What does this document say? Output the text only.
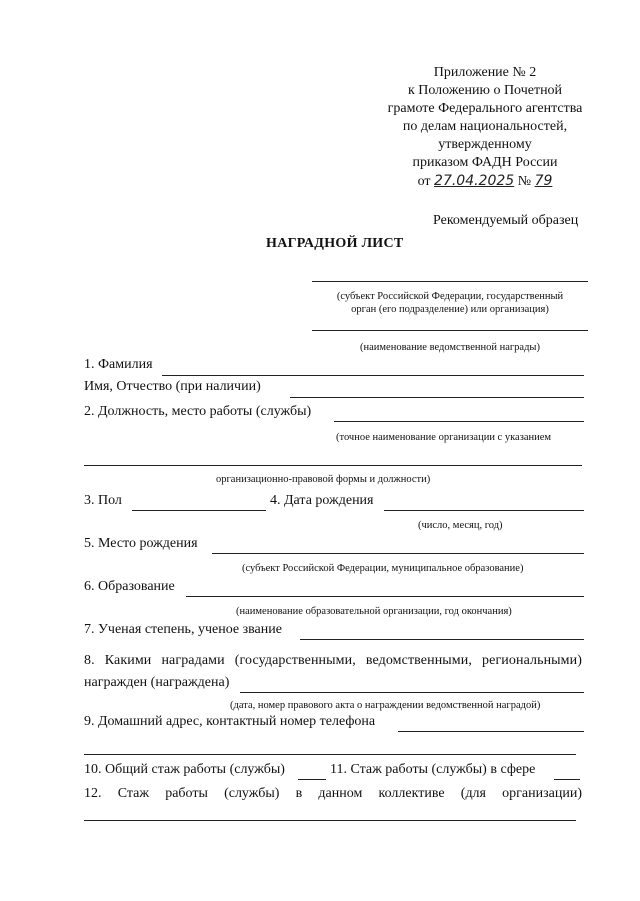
Приложение № 2
к Положению о Почетной
грамоте Федерального агентства
по делам национальностей,
утвержденному
приказом ФАДН России
от 27.04.2025 № 79
Рекомендуемый образец
НАГРАДНОЙ ЛИСТ
(субъект Российской Федерации, государственный
орган (его подразделение) или организация)
(наименование ведомственной награды)
1. Фамилия
Имя, Отчество (при наличии)
2. Должность, место работы (службы)
(точное наименование организации с указанием
организационно-правовой формы и должности)
3. Пол	4. Дата рождения
(число, месяц, год)
5. Место рождения
(субъект Российской Федерации, муниципальное образование)
6. Образование
(наименование образовательной организации, год окончания)
7. Ученая степень, ученое звание
8. Какими наградами (государственными, ведомственными, региональными)
награжден (награждена)
(дата, номер правового акта о награждении ведомственной наградой)
9. Домашний адрес, контактный номер телефона
10. Общий стаж работы (службы)	11. Стаж работы (службы) в сфере
12. Стаж работы (службы) в данном коллективе (для организации)
